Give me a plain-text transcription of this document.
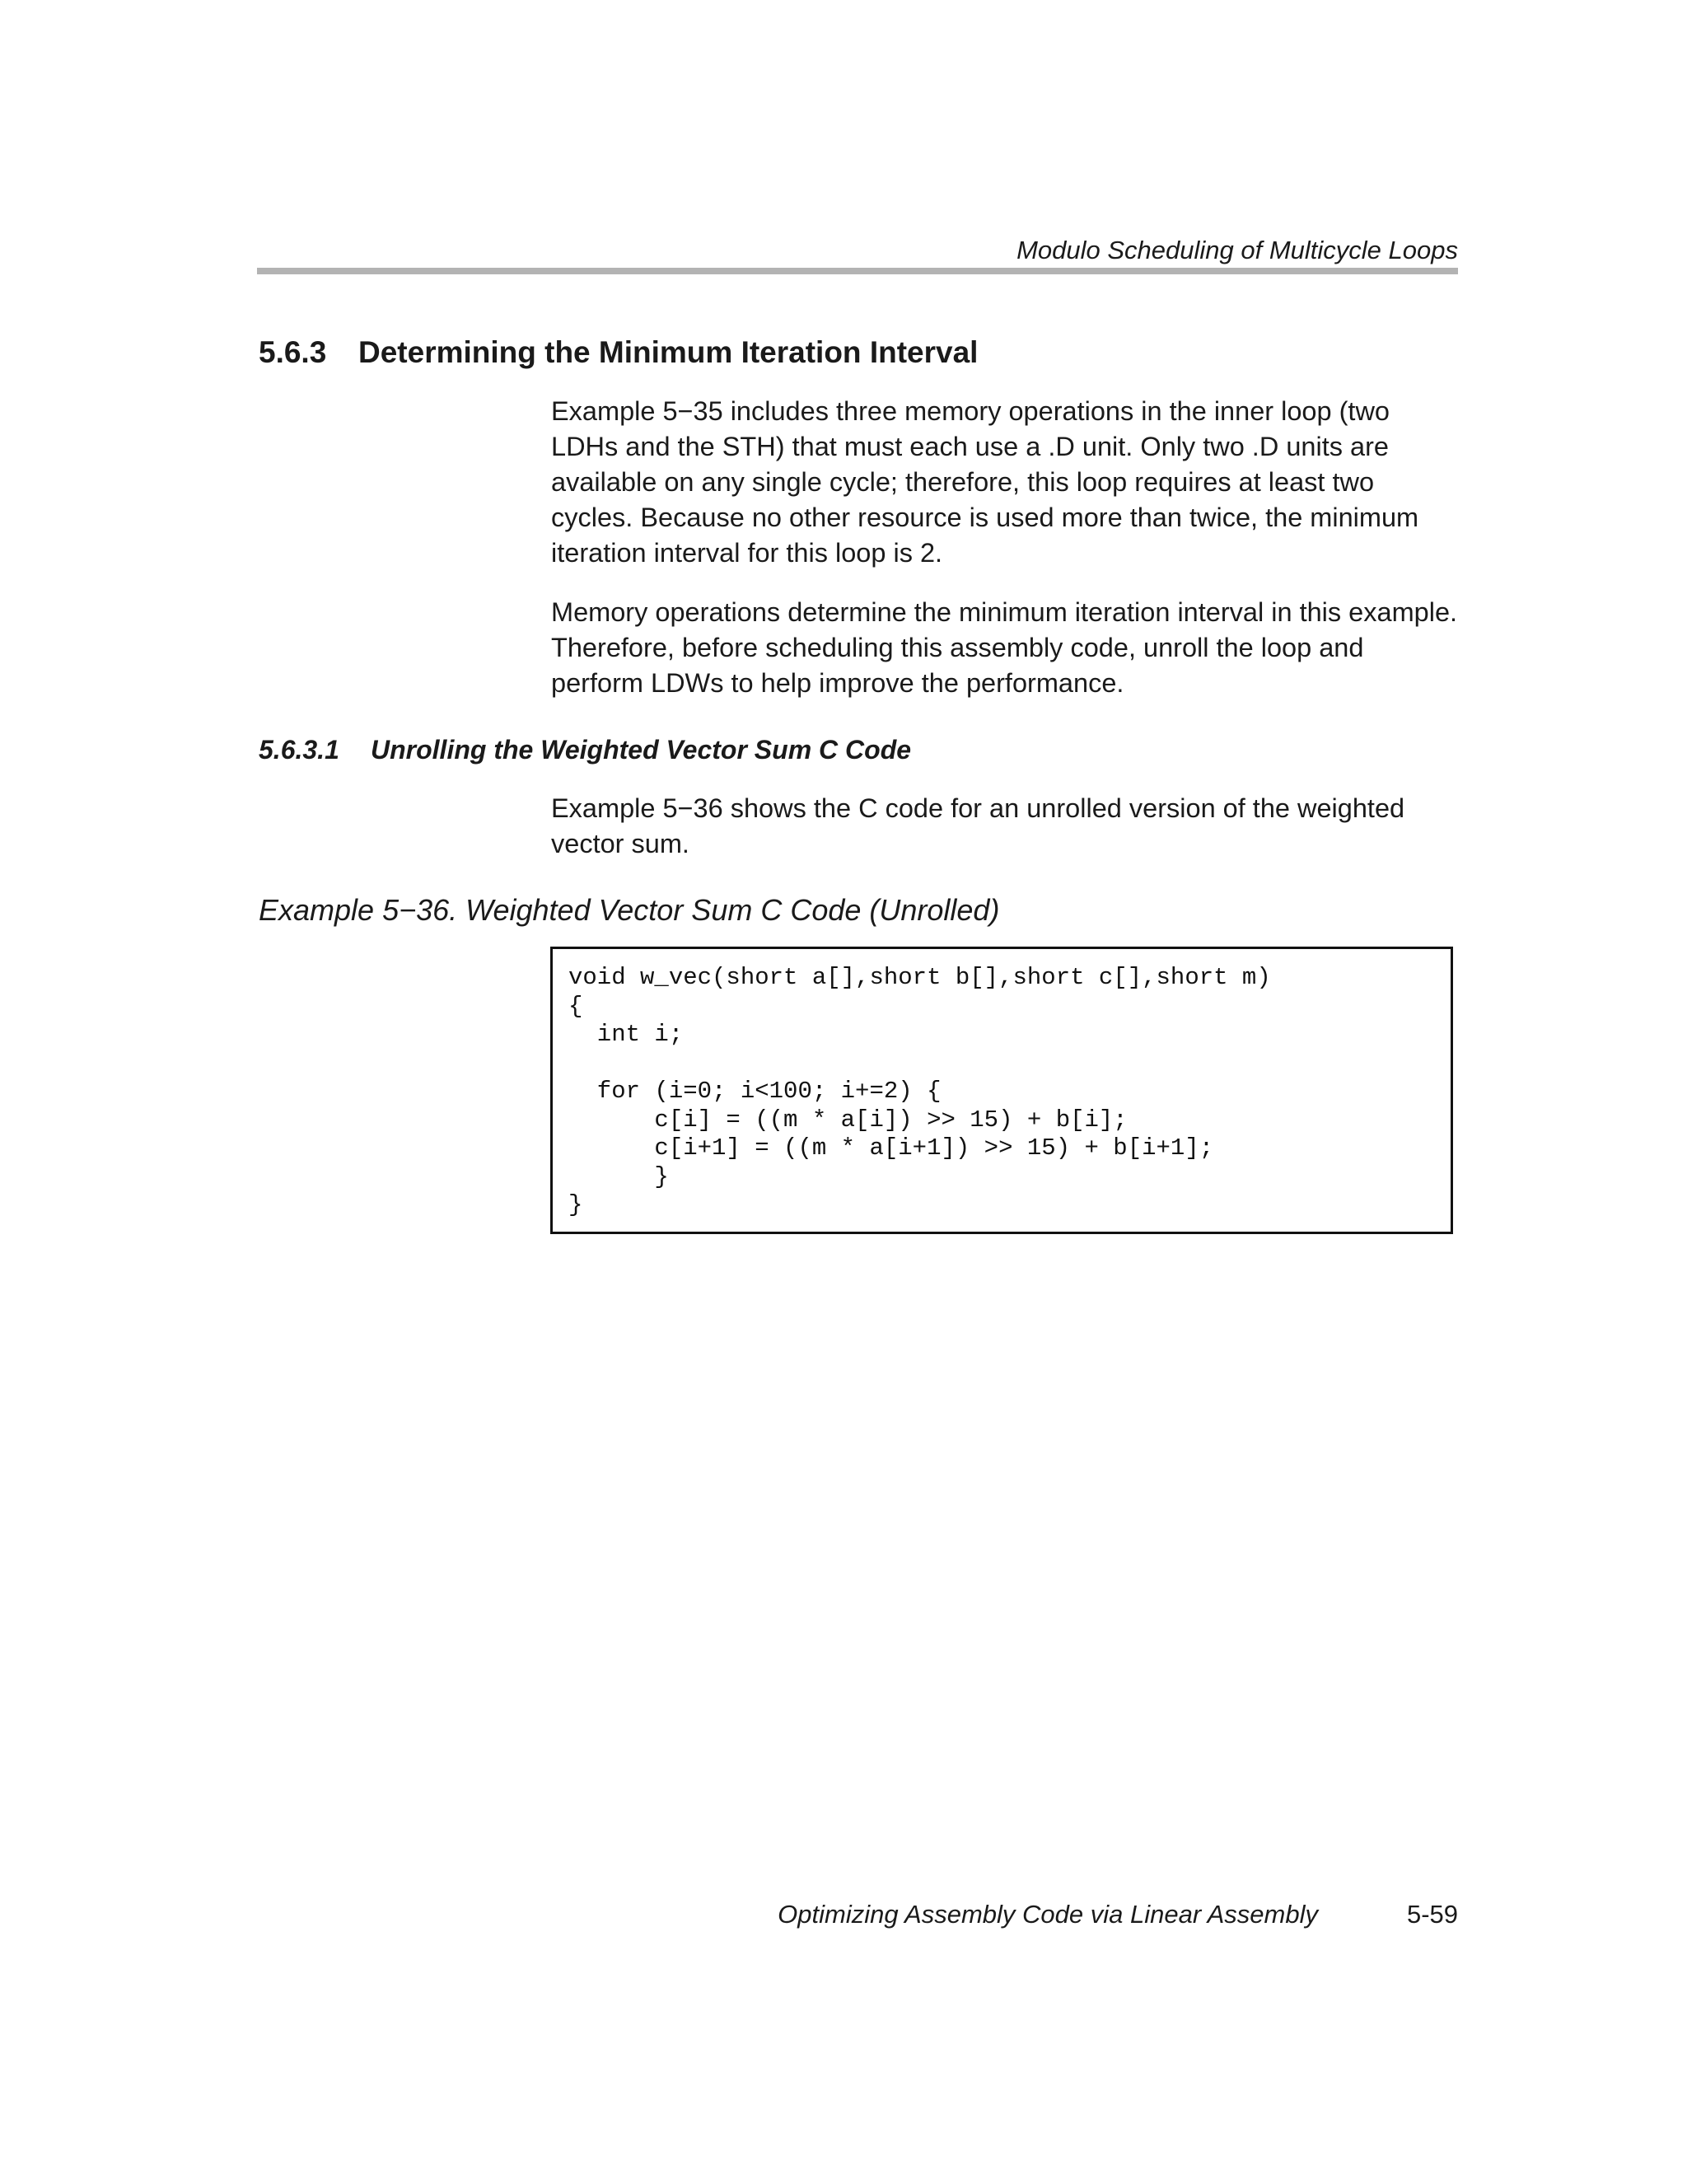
Modulo Scheduling of Multicycle Loops
5.6.3 Determining the Minimum Iteration Interval

Example 5−35 includes three memory operations in the inner loop (two LDHs and the STH) that must each use a .D unit. Only two .D units are available on any single cycle; therefore, this loop requires at least two cycles. Because no other resource is used more than twice, the minimum iteration interval for this loop is 2.

Memory operations determine the minimum iteration interval in this example. Therefore, before scheduling this assembly code, unroll the loop and perform LDWs to help improve the performance.

5.6.3.1 Unrolling the Weighted Vector Sum C Code

Example 5−36 shows the C code for an unrolled version of the weighted vector sum.

Example 5−36. Weighted Vector Sum C Code (Unrolled)
void w_vec(short a[],short b[],short c[],short m)
{
int i;

for (i=0; i<100; i+=2) {
c[i] = ((m * a[i]) >> 15) + b[i];
c[i+1] = ((m * a[i+1]) >> 15) + b[i+1];
}
}
Optimizing Assembly Code via Linear Assembly	5-59
